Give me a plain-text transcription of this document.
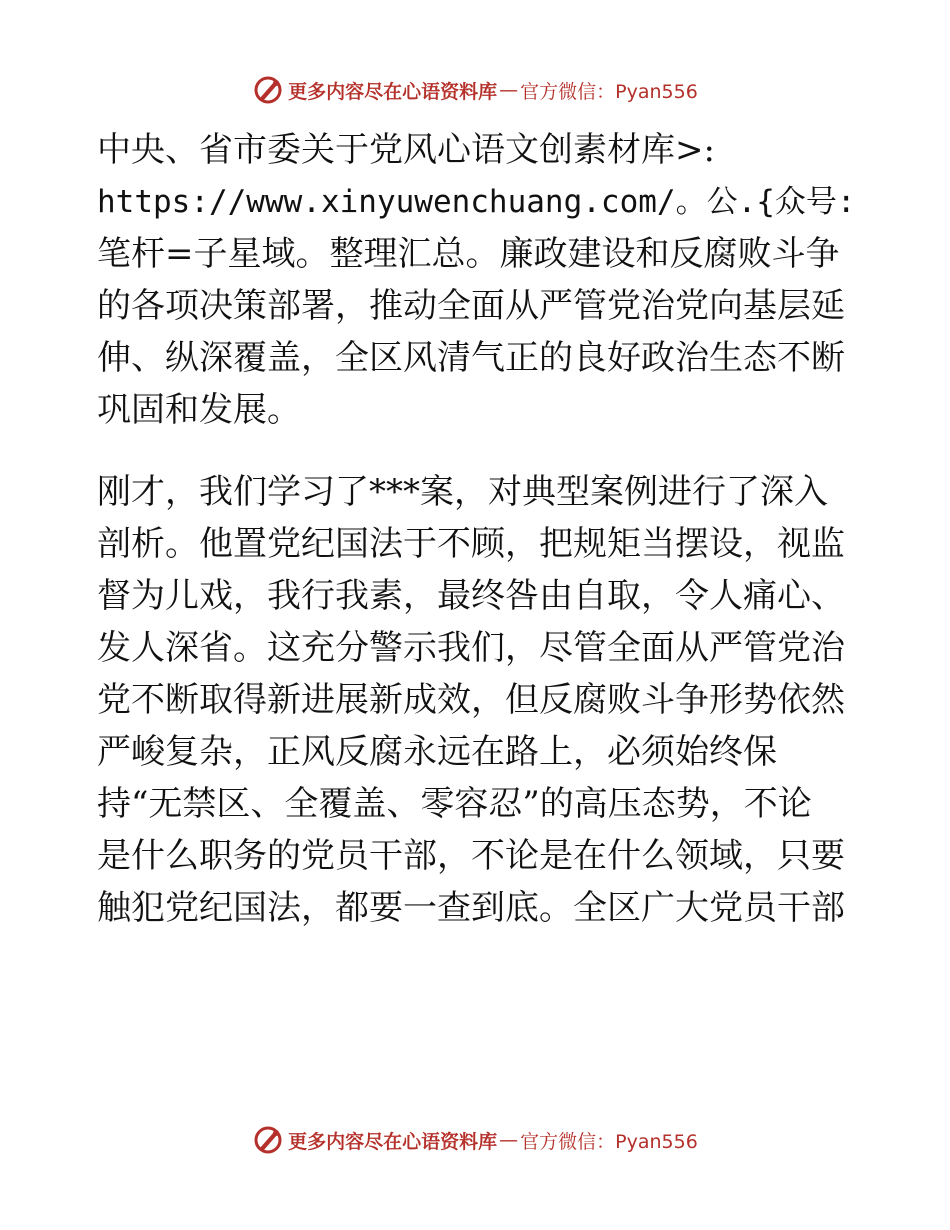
更多内容尽在心语资料库 — 官方微信：Pyan556
中央、省市委关于党风心语文创素材库>:
https://www.xinyuwenchuang.com/。公.{众号:
笔杆=子星域。整理汇总。廉政建设和反腐败斗争
的各项决策部署，推动全面从严管党治党向基层延
伸、纵深覆盖，全区风清气正的良好政治生态不断
巩固和发展。
刚才，我们学习了***案，对典型案例进行了深入
剖析。他置党纪国法于不顾，把规矩当摆设，视监
督为儿戏，我行我素，最终咎由自取，令人痛心、
发人深省。这充分警示我们，尽管全面从严管党治
党不断取得新进展新成效，但反腐败斗争形势依然
严峻复杂，正风反腐永远在路上，必须始终保
持“无禁区、全覆盖、零容忍”的高压态势，不论
是什么职务的党员干部，不论是在什么领域，只要
触犯党纪国法，都要一查到底。全区广大党员干部
更多内容尽在心语资料库 — 官方微信：Pyan556
